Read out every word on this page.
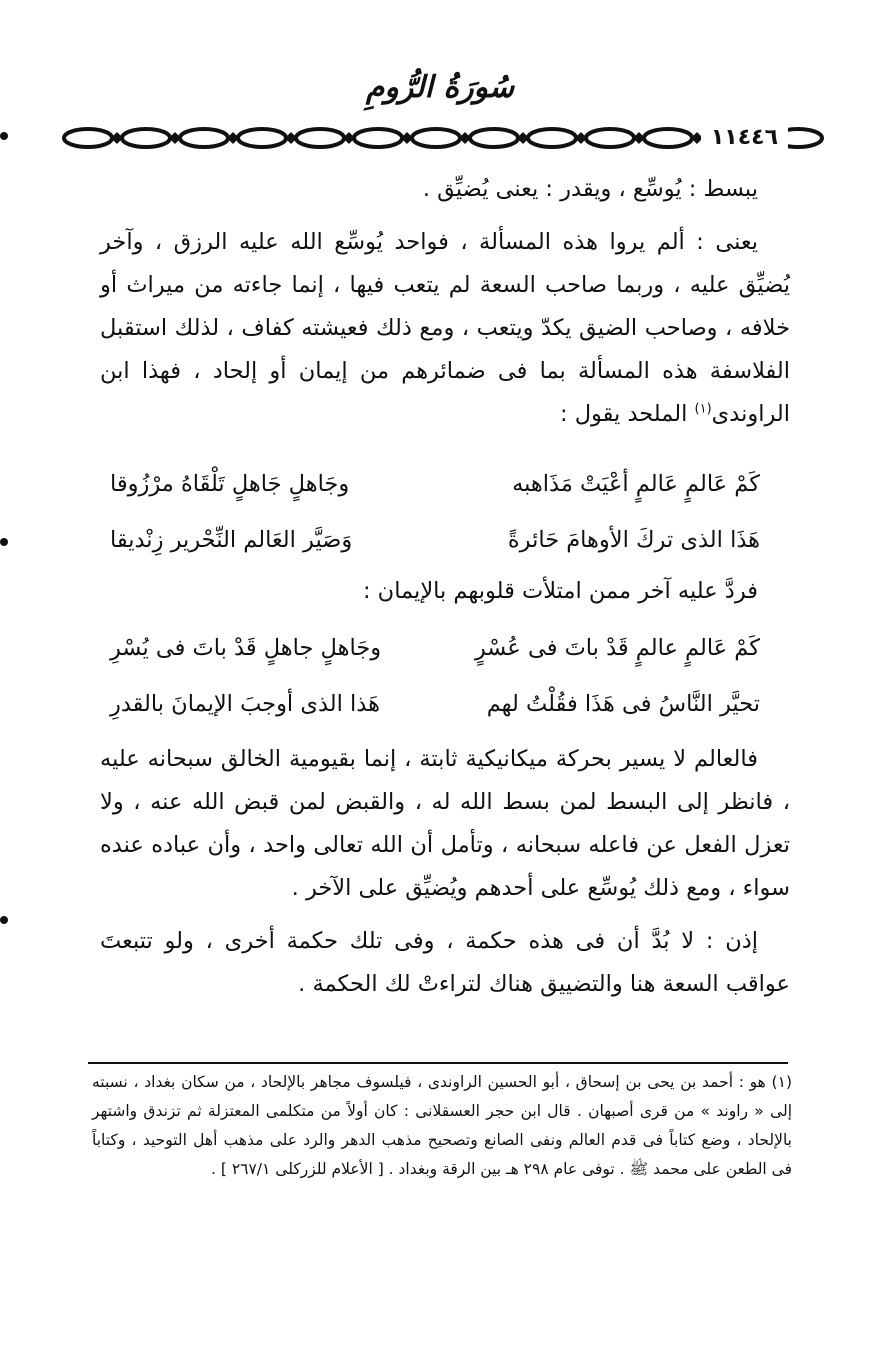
سُورَةُ الرُّومِ
١١٤٤٦

يبسط : يُوسِّع ، ويقدر : يعنى يُضيِّق .

يعنى : ألم يروا هذه المسألة ، فواحد يُوسِّع الله عليه الرزق ، وآخر يُضيِّق عليه ، وربما صاحب السعة لم يتعب فيها ، إنما جاءته من ميراث أو خلافه ، وصاحب الضيق يكدّ ويتعب ، ومع ذلك فعيشته كفاف ، لذلك استقبل الفلاسفة هذه المسألة بما فى ضمائرهم من إيمان أو إلحاد ، فهذا ابن الراوندى$^{(١)}$ الملحد يقول :

كَمْ عَالمٍ عَالمٍ أعْيَتْ مَذَاهبه
وجَاهلٍ جَاهلٍ تَلْقَاهُ مرْزُوقا
هَذَا الذى تركَ الأوهامَ حَائرةً
وَصَيَّر العَالم النِّحْرير زِنْديقا
فردَّ عليه آخر ممن امتلأت قلوبهم بالإيمان :
كَمْ عَالمٍ عالمٍ قَدْ باتَ فى عُسْرٍ
وجَاهلٍ جاهلٍ قَدْ باتَ فى يُسْرِ
تحيَّر النَّاسُ فى هَذَا فقُلْتُ لهم
هَذا الذى أوجبَ الإيمانَ بالقدرِ

فالعالم لا يسير بحركة ميكانيكية ثابتة ، إنما بقيومية الخالق سبحانه عليه ، فانظر إلى البسط لمن بسط الله له ، والقبض لمن قبض الله عنه ، ولا تعزل الفعل عن فاعله سبحانه ، وتأمل أن الله تعالى واحد ، وأن عباده عنده سواء ، ومع ذلك يُوسِّع على أحدهم ويُضيِّق على الآخر .

إذن : لا بُدَّ أن فى هذه حكمة ، وفى تلك حكمة أخرى ، ولو تتبعتَ عواقب السعة هنا والتضييق هناك لتراءتْ لك الحكمة .

(١) هو : أحمد بن يحى بن إسحاق ، أبو الحسين الراوندى ، فيلسوف مجاهر بالإلحاد ، من سكان بغداد ، نسبته إلى « راوند » من قرى أصبهان . قال ابن حجر العسقلانى : كان أولاً من متكلمى المعتزلة ثم تزندق واشتهر بالإلحاد ، وضع كتاباً فى قدم العالم ونفى الصانع وتصحيح مذهب الدهر والرد على مذهب أهل التوحيد ، وكتاباً فى الطعن على محمد ﷺ . توفى عام ٢٩٨ هـ بين الرقة وبغداد . [ الأعلام للزركلى ٢٦٧/١ ] .
